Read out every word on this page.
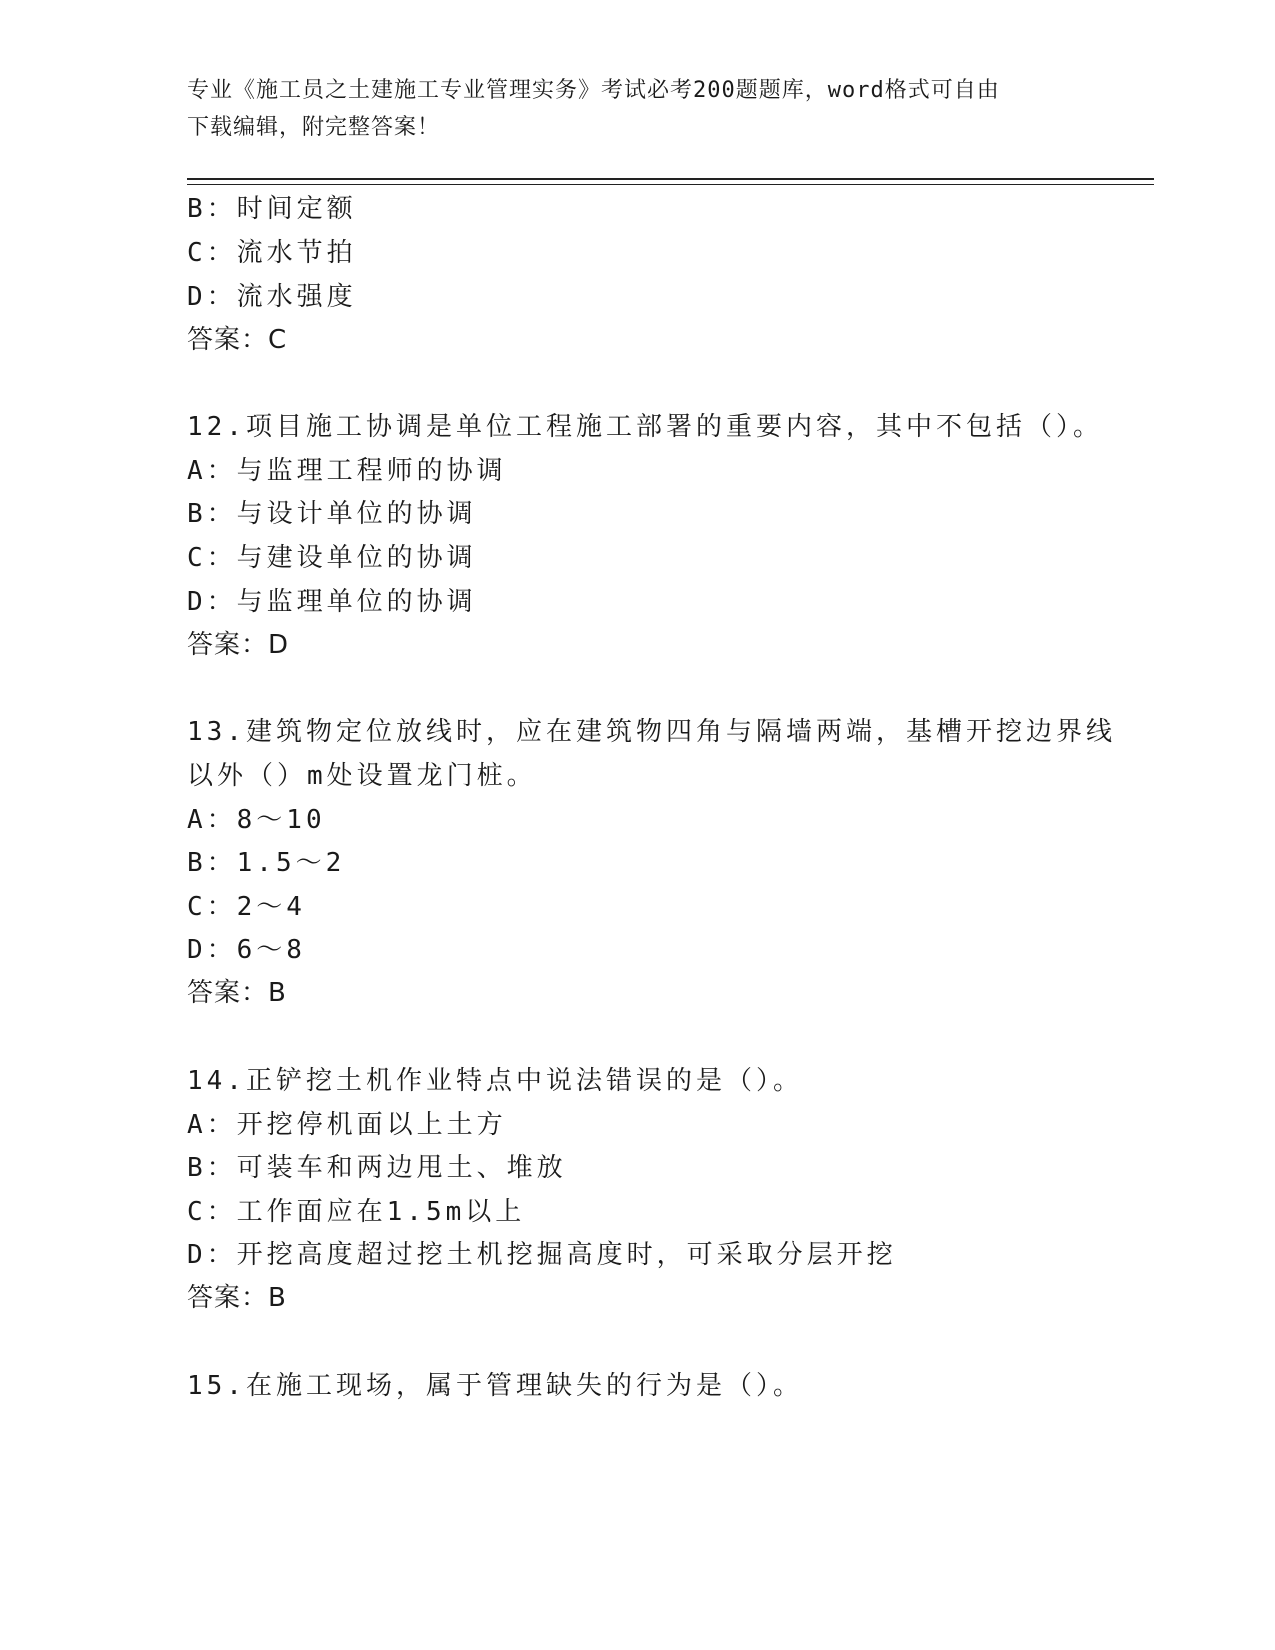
专业《施工员之土建施工专业管理实务》考试必考200题题库，word格式可自由
下载编辑，附完整答案！
B：时间定额
C：流水节拍
D：流水强度
答案：C
12.项目施工协调是单位工程施工部署的重要内容，其中不包括（）。
A：与监理工程师的协调
B：与设计单位的协调
C：与建设单位的协调
D：与监理单位的协调
答案：D
13.建筑物定位放线时，应在建筑物四角与隔墙两端，基槽开挖边界线
以外（）m处设置龙门桩。
A：8～10
B：1.5～2
C：2～4
D：6～8
答案：B
14.正铲挖土机作业特点中说法错误的是（）。
A：开挖停机面以上土方
B：可装车和两边甩土、堆放
C：工作面应在1.5m以上
D：开挖高度超过挖土机挖掘高度时，可采取分层开挖
答案：B
15.在施工现场，属于管理缺失的行为是（）。
